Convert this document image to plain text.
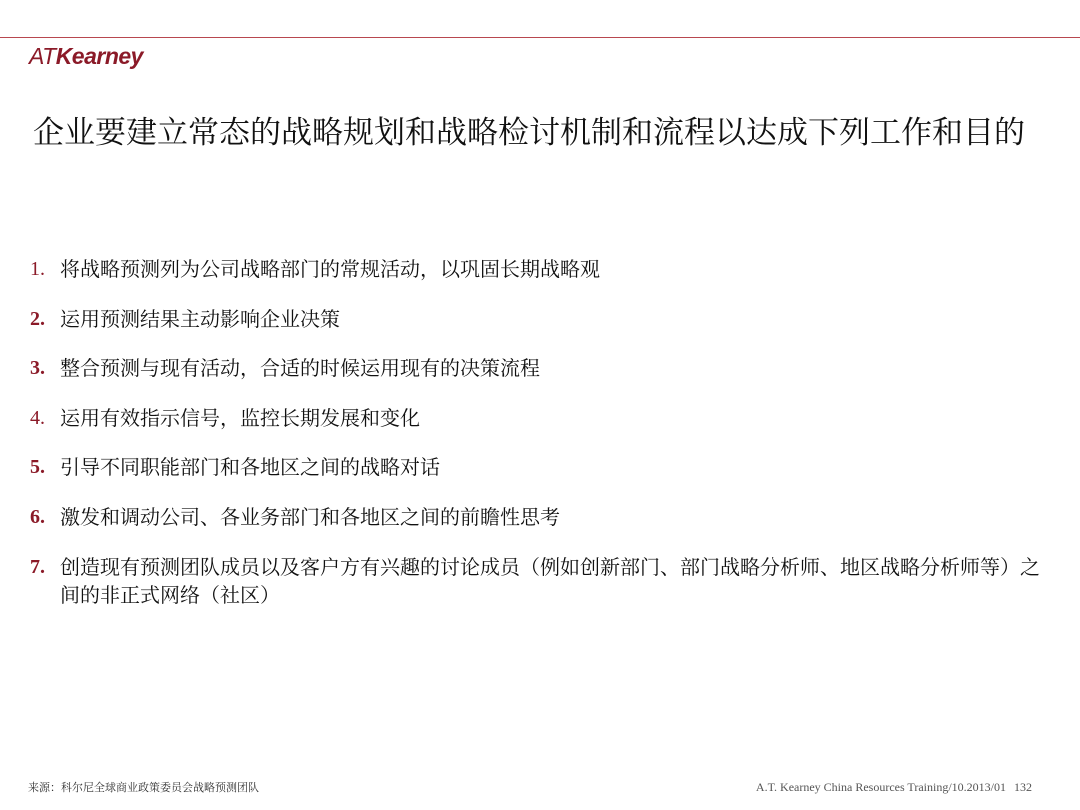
ATKearney
企业要建立常态的战略规划和战略检讨机制和流程以达成下列工作和目的
1. 将战略预测列为公司战略部门的常规活动，以巩固长期战略观
2. 运用预测结果主动影响企业决策
3. 整合预测与现有活动，合适的时候运用现有的决策流程
4. 运用有效指示信号，监控长期发展和变化
5. 引导不同职能部门和各地区之间的战略对话
6. 激发和调动公司、各业务部门和各地区之间的前瞻性思考
7. 创造现有预测团队成员以及客户方有兴趣的讨论成员（例如创新部门、部门战略分析师、地区战略分析师等）之间的非正式网络（社区）
来源：科尔尼全球商业政策委员会战略预测团队	A.T. Kearney China Resources Training/10.2013/01 132
